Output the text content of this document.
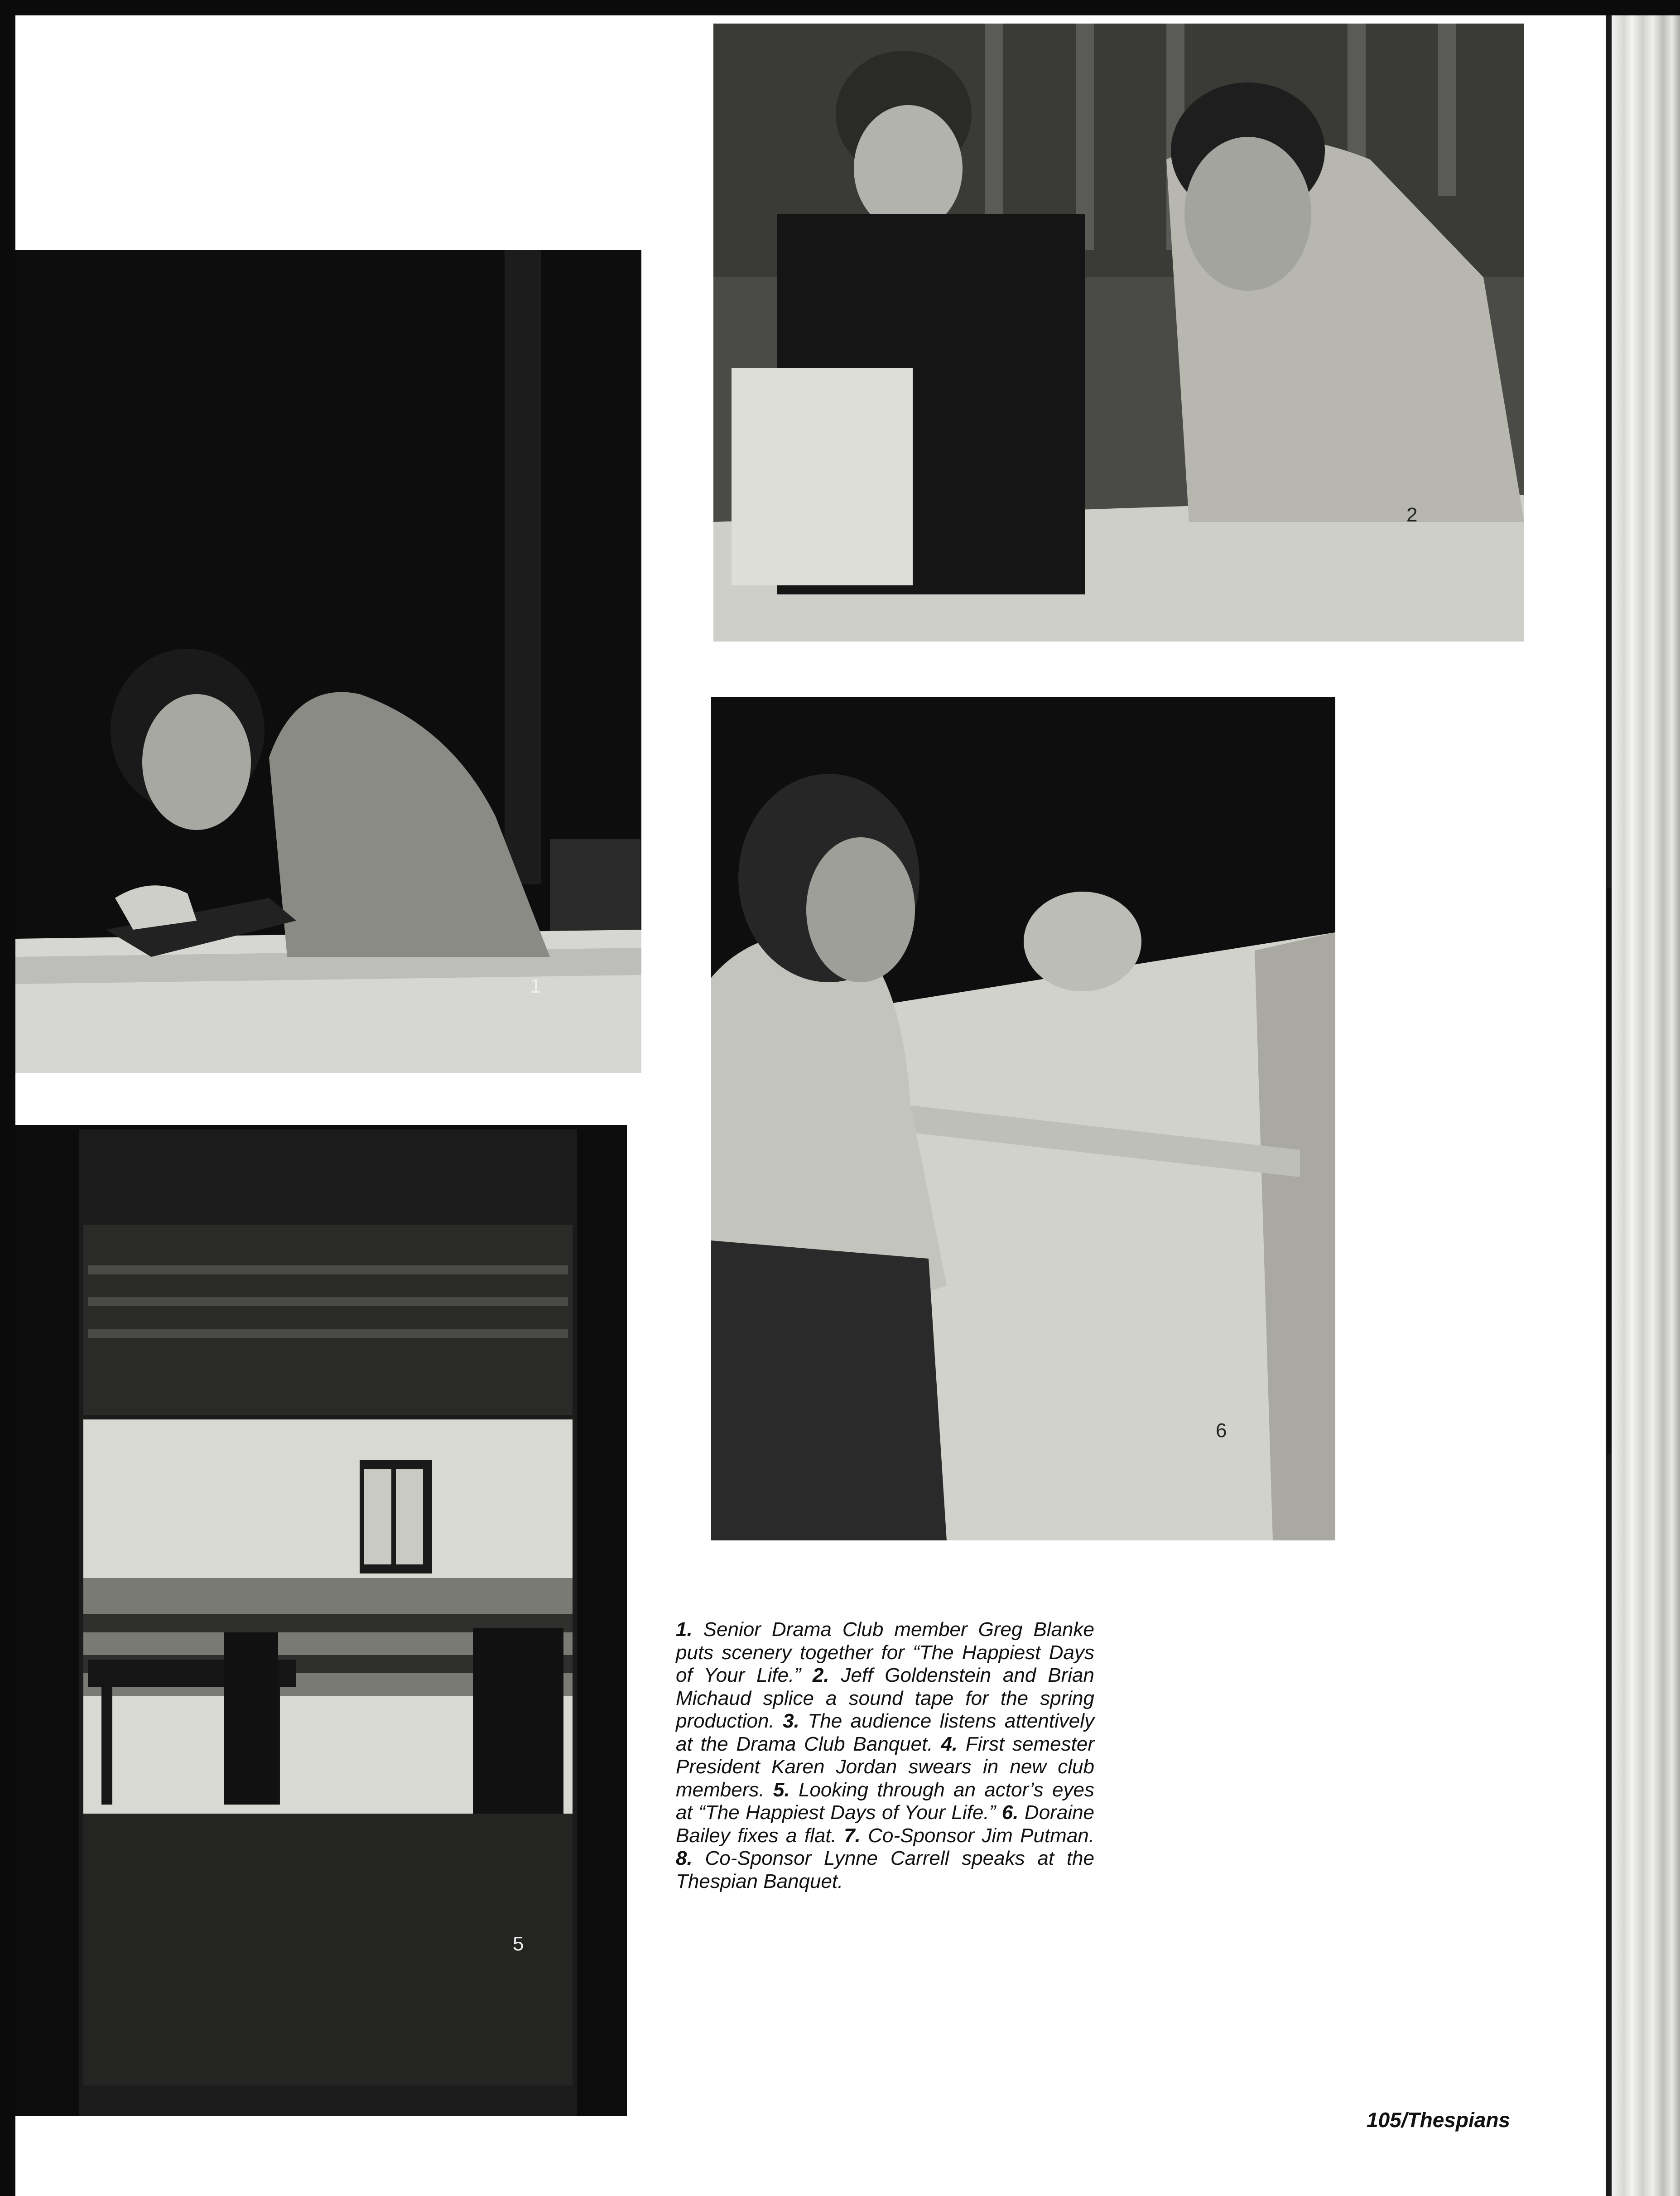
1
2
6
5

1. Senior Drama Club member Greg Blanke puts scenery together for “The Happiest Days of Your Life.” 2. Jeff Goldenstein and Brian Michaud splice a sound tape for the spring production. 3. The audience listens attentively at the Drama Club Banquet. 4. First semester President Karen Jordan swears in new club members. 5. Looking through an actor’s eyes at “The Happiest Days of Your Life.” 6. Doraine Bailey fixes a flat. 7. Co-Sponsor Jim Putman. 8. Co-Sponsor Lynne Carrell speaks at the Thespian Banquet.

105/Thespians
